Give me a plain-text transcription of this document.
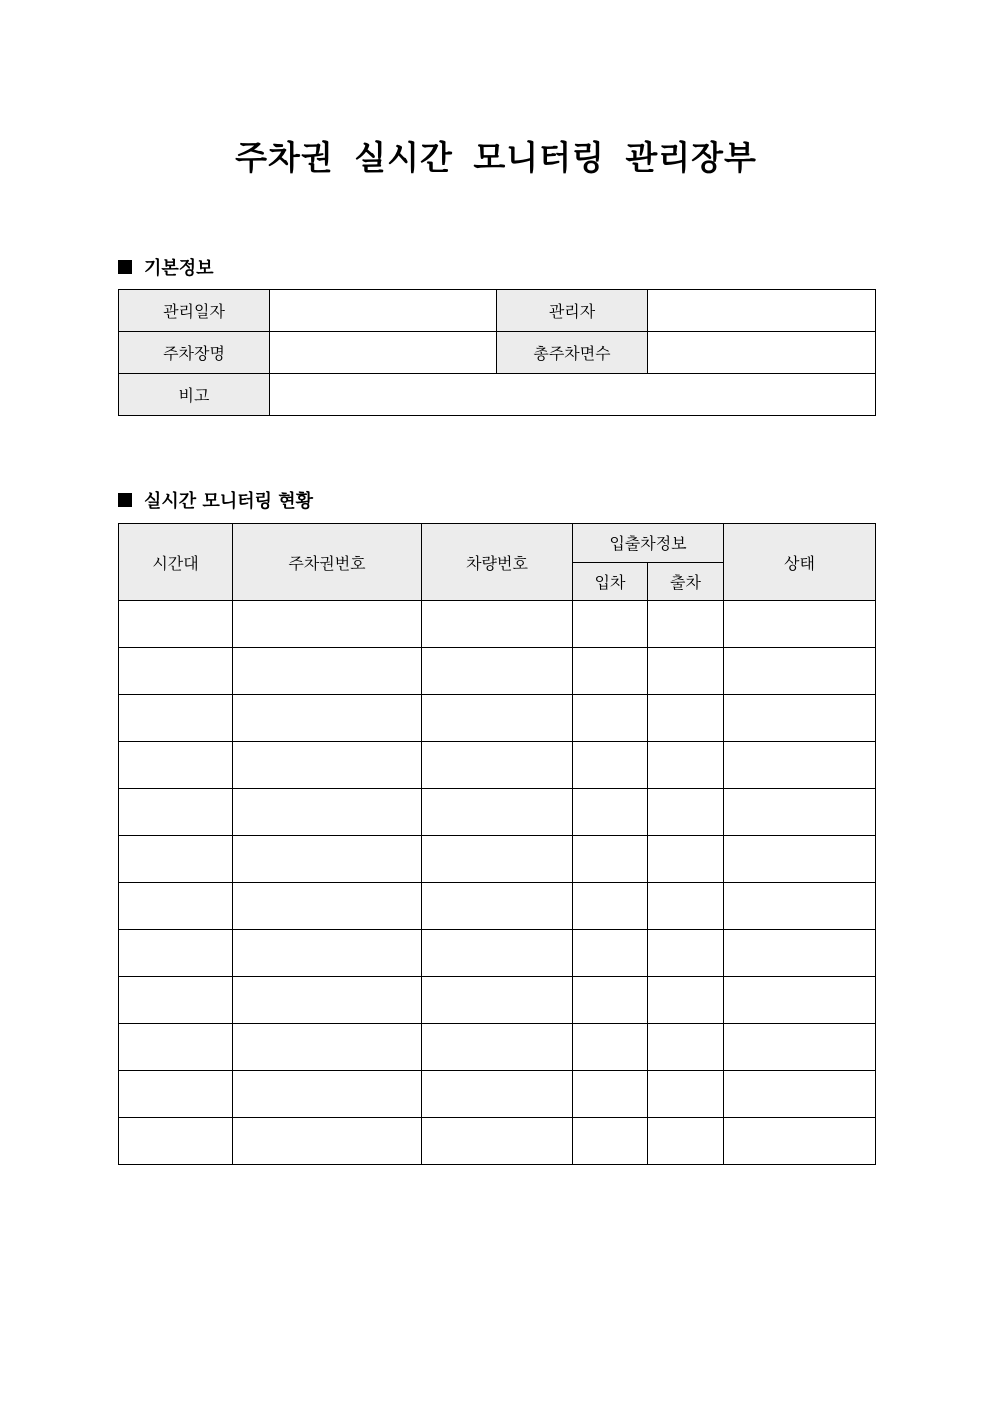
주차권 실시간 모니터링 관리장부
기본정보
관리일자		관리자	
주차장명		총주차면수	
비고			
실시간 모니터링 현황
시간대	주차권번호	차량번호	입출차정보		상태
			입차	출차	
